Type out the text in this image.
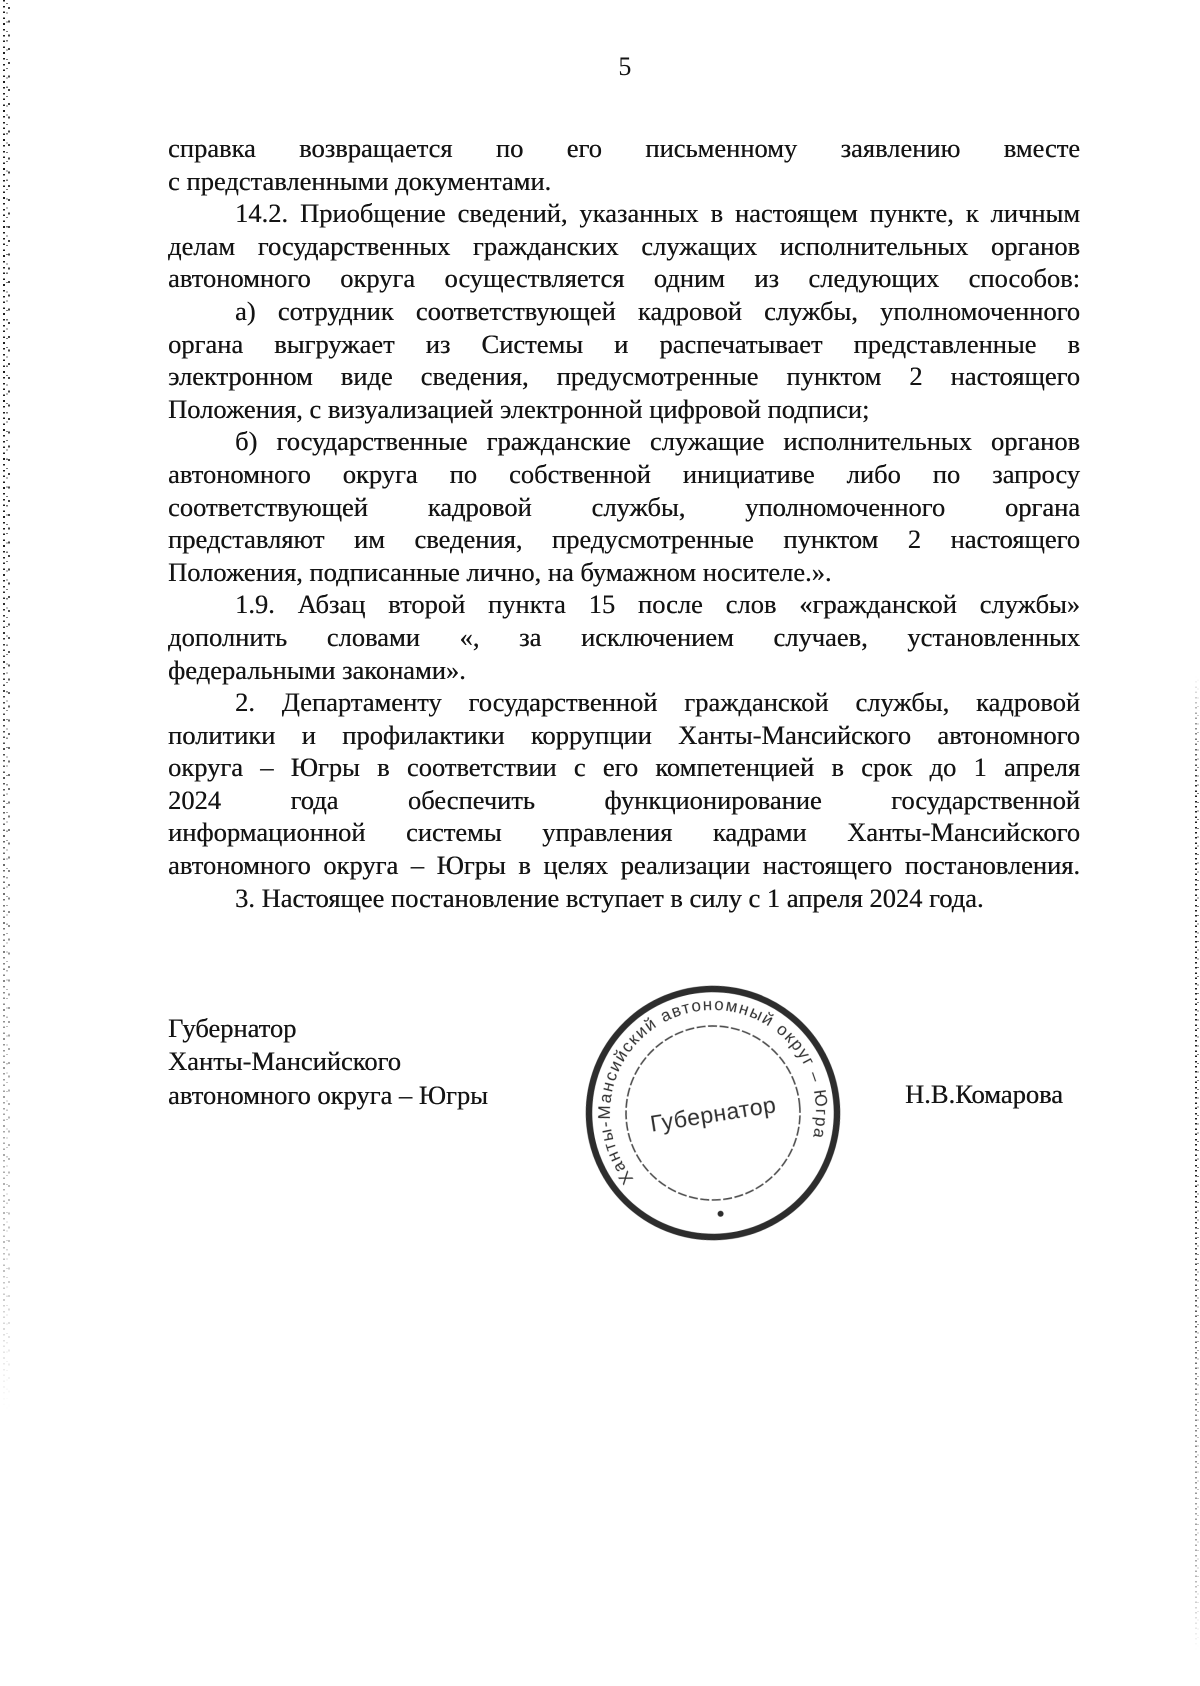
5
справка возвращается по его письменному заявлению вместе
с представленными документами.
14.2. Приобщение сведений, указанных в настоящем пункте, к личным
делам государственных гражданских служащих исполнительных органов
автономного округа осуществляется одним из следующих способов:
а) сотрудник соответствующей кадровой службы, уполномоченного
органа выгружает из Системы и распечатывает представленные в
электронном виде сведения, предусмотренные пунктом 2 настоящего
Положения, с визуализацией электронной цифровой подписи;
б) государственные гражданские служащие исполнительных органов
автономного округа по собственной инициативе либо по запросу
соответствующей кадровой службы, уполномоченного органа
представляют им сведения, предусмотренные пунктом 2 настоящего
Положения, подписанные лично, на бумажном носителе.».
1.9. Абзац второй пункта 15 после слов «гражданской службы»
дополнить словами «, за исключением случаев, установленных
федеральными законами».
2. Департаменту государственной гражданской службы, кадровой
политики и профилактики коррупции Ханты-Мансийского автономного
округа – Югры в соответствии с его компетенцией в срок до 1 апреля
2024 года обеспечить функционирование государственной
информационной системы управления кадрами Ханты-Мансийского
автономного округа – Югры в целях реализации настоящего постановления.
3. Настоящее постановление вступает в силу с 1 апреля 2024 года.
Губернатор
Ханты-Мансийского
автономного округа – Югры	Н.В.Комарова
Ханты-Мансийский автономный округ – Югра
Губернатор
